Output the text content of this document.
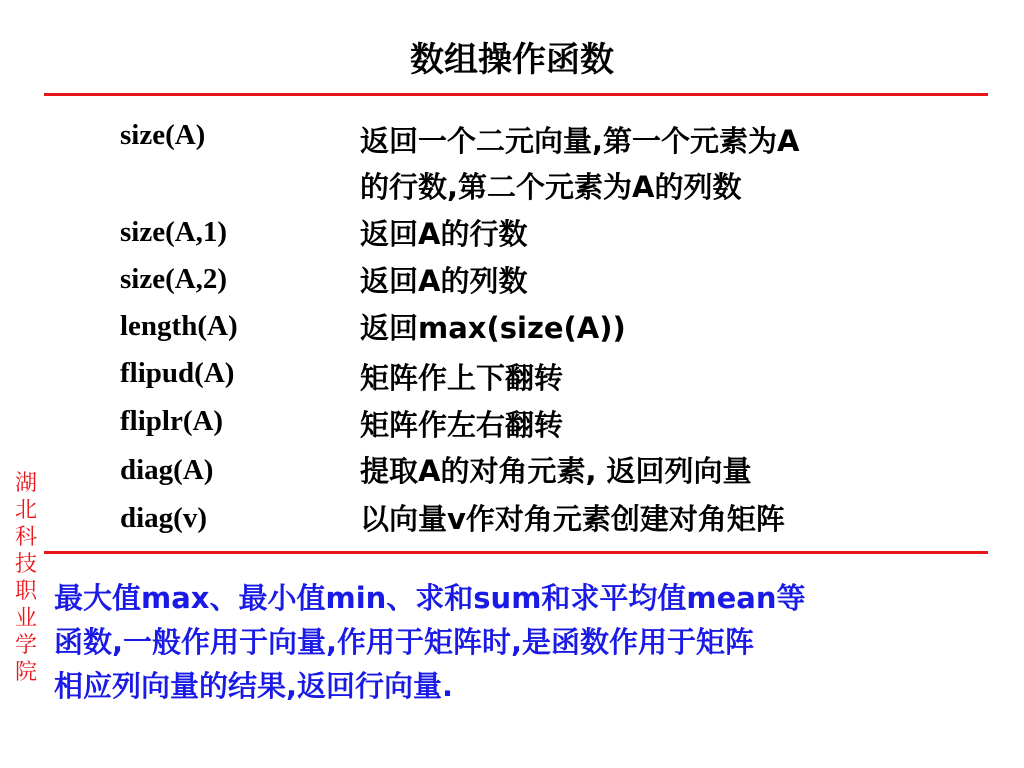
数组操作函数
size(A)	返回一个二元向量,第一个元素为A
的行数,第二个元素为A的列数
size(A,1)	返回A的行数
size(A,2)	返回A的列数
length(A)	返回max(size(A))
flipud(A)	矩阵作上下翻转
fliplr(A)	矩阵作左右翻转
diag(A)	提取A的对角元素, 返回列向量
diag(v)	以向量v作对角元素创建对角矩阵
湖北科技职业学院
最大值max、最小值min、求和sum和求平均值mean等
函数,一般作用于向量,作用于矩阵时,是函数作用于矩阵
相应列向量的结果,返回行向量.
